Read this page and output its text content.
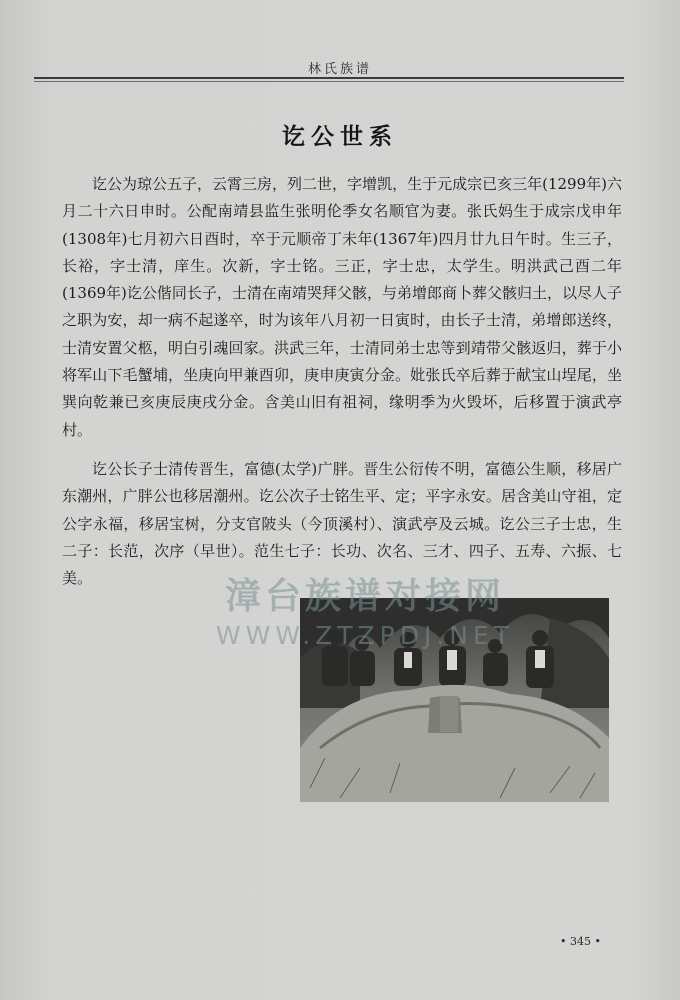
林氏族谱
讫公世系

讫公为琼公五子，云霄三房，列二世，字增凯，生于元成宗已亥三年(1299年)六月二十六日申时。公配南靖县监生张明伦季女名顺官为妻。张氏妈生于成宗戊申年(1308年)七月初六日酉时，卒于元顺帝丁未年(1367年)四月廿九日午时。生三子，长裕，字士清，庠生。次新，字士铭。三正，字士忠，太学生。明洪武己酉二年(1369年)讫公偕同长子，士清在南靖哭拜父骸，与弟增郎商卜葬父骸归土，以尽人子之职为安，却一病不起遂卒，时为该年八月初一日寅时，由长子士清，弟增郎送终，士清安置父柩，明白引魂回家。洪武三年，士清同弟士忠等到靖带父骸返归，葬于小将军山下毛蟹埔，坐庚向甲兼酉卯，庚申庚寅分金。妣张氏卒后葬于献宝山埕尾，坐巽向乾兼已亥庚辰庚戌分金。含美山旧有祖祠，缘明季为火毁坏，后移置于演武亭村。

讫公长子士清传晋生，富德(太学)广胖。晋生公衍传不明，富德公生顺，移居广东潮州，广胖公也移居潮州。讫公次子士铭生平、定；平字永安。居含美山守祖，定公字永福，移居宝树，分支官陂头（今顶溪村）、演武亭及云城。讫公三子士忠，生二子：长范，次序（早世）。范生七子：长功、次名、三才、四子、五寿、六振、七美。	漳台族谱对接网
WWW.ZTZPDJ.NET
• 345 •
